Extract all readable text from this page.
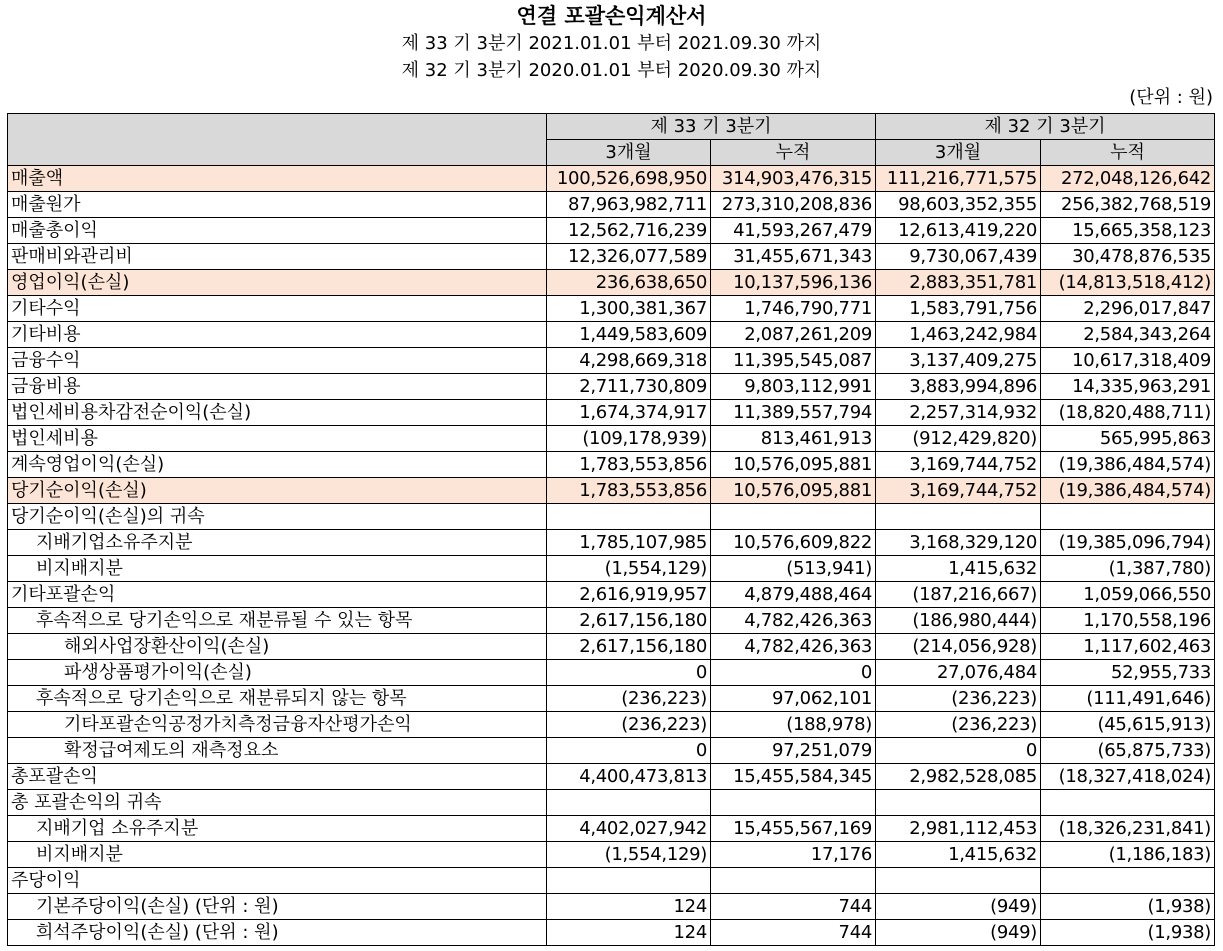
연결 포괄손익계산서
제 33 기 3분기 2021.01.01 부터 2021.09.30 까지
제 32 기 3분기 2020.01.01 부터 2020.09.30 까지
(단위 : 원)
	제 33 기 3분기		제 32 기 3분기	
	3개월	누적	3개월	누적
매출액	100,526,698,950	314,903,476,315	111,216,771,575	272,048,126,642
매출원가	87,963,982,711	273,310,208,836	98,603,352,355	256,382,768,519
매출총이익	12,562,716,239	41,593,267,479	12,613,419,220	15,665,358,123
판매비와관리비	12,326,077,589	31,455,671,343	9,730,067,439	30,478,876,535
영업이익(손실)	236,638,650	10,137,596,136	2,883,351,781	(14,813,518,412)
기타수익	1,300,381,367	1,746,790,771	1,583,791,756	2,296,017,847
기타비용	1,449,583,609	2,087,261,209	1,463,242,984	2,584,343,264
금융수익	4,298,669,318	11,395,545,087	3,137,409,275	10,617,318,409
금융비용	2,711,730,809	9,803,112,991	3,883,994,896	14,335,963,291
법인세비용차감전순이익(손실)	1,674,374,917	11,389,557,794	2,257,314,932	(18,820,488,711)
법인세비용	(109,178,939)	813,461,913	(912,429,820)	565,995,863
계속영업이익(손실)	1,783,553,856	10,576,095,881	3,169,744,752	(19,386,484,574)
당기순이익(손실)	1,783,553,856	10,576,095,881	3,169,744,752	(19,386,484,574)
당기순이익(손실)의 귀속				
지배기업소유주지분	1,785,107,985	10,576,609,822	3,168,329,120	(19,385,096,794)
비지배지분	(1,554,129)	(513,941)	1,415,632	(1,387,780)
기타포괄손익	2,616,919,957	4,879,488,464	(187,216,667)	1,059,066,550
후속적으로 당기손익으로 재분류될 수 있는 항목	2,617,156,180	4,782,426,363	(186,980,444)	1,170,558,196
해외사업장환산이익(손실)	2,617,156,180	4,782,426,363	(214,056,928)	1,117,602,463
파생상품평가이익(손실)	0	0	27,076,484	52,955,733
후속적으로 당기손익으로 재분류되지 않는 항목	(236,223)	97,062,101	(236,223)	(111,491,646)
기타포괄손익공정가치측정금융자산평가손익	(236,223)	(188,978)	(236,223)	(45,615,913)
확정급여제도의 재측정요소	0	97,251,079	0	(65,875,733)
총포괄손익	4,400,473,813	15,455,584,345	2,982,528,085	(18,327,418,024)
총 포괄손익의 귀속				
지배기업 소유주지분	4,402,027,942	15,455,567,169	2,981,112,453	(18,326,231,841)
비지배지분	(1,554,129)	17,176	1,415,632	(1,186,183)
주당이익				
기본주당이익(손실) (단위 : 원)	124	744	(949)	(1,938)
희석주당이익(손실) (단위 : 원)	124	744	(949)	(1,938)
